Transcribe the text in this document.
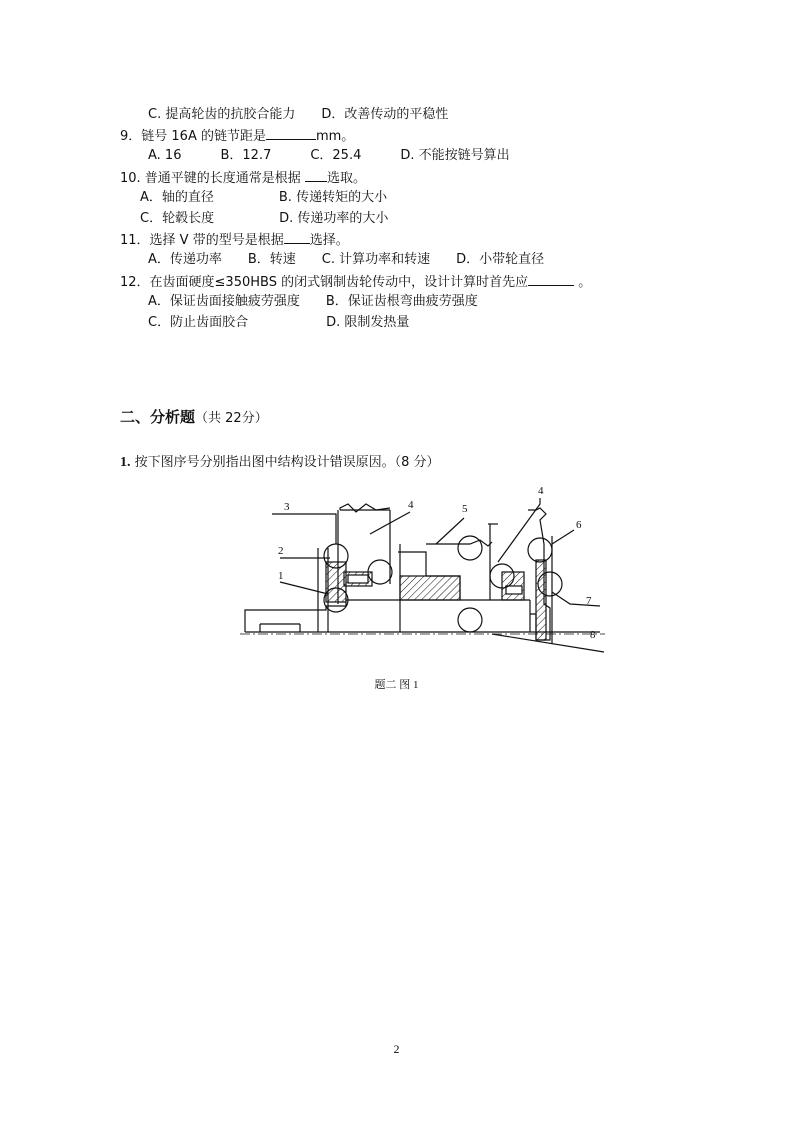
C. 提高轮齿的抗胶合能力　　D．改善传动的平稳性
9．链号 16A 的链节距是	mm。
A. 16　　　B．12.7　　　C．25.4　　　D. 不能按链号算出
10. 普通平键的长度通常是根据 选取。
A．轴的直径　　　　　B. 传递转矩的大小
C．轮毂长度　　　　　D. 传递功率的大小
11．选择 V 带的型号是根据 选择。
A．传递功率　　B．转速　　C. 计算功率和转速　　D．小带轮直径
12．在齿面硬度≤350HBS 的闭式钢制齿轮传动中，设计计算时首先应	。
A．保证齿面接触疲劳强度　　B．保证齿根弯曲疲劳强度
C．防止齿面胶合　　　　　　D. 限制发热量
二、分析题（共 22分）
1. 按下图序号分别指出图中结构设计错误原因。（8 分）
3
2
1
4	5
4
6
7
8
题二 图 1
2
